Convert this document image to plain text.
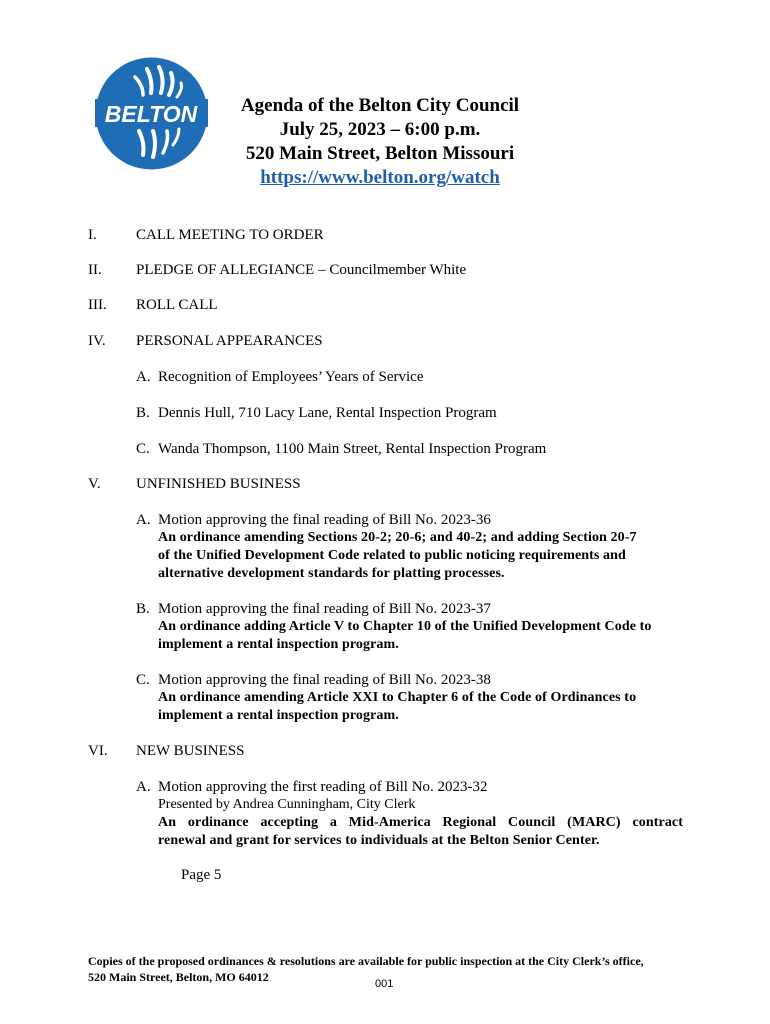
BELTON	Agenda of the Belton City Council
July 25, 2023 – 6:00 p.m.
520 Main Street, Belton Missouri
https://www.belton.org/watch
I.	CALL MEETING TO ORDER
II.	PLEDGE OF ALLEGIANCE – Councilmember White
III.	ROLL CALL
IV.	PERSONAL APPEARANCES
A. Recognition of Employees’ Years of Service
B. Dennis Hull, 710 Lacy Lane, Rental Inspection Program
C. Wanda Thompson, 1100 Main Street, Rental Inspection Program
V.	UNFINISHED BUSINESS
A. Motion approving the final reading of Bill No. 2023-36
An ordinance amending Sections 20-2; 20-6; and 40-2; and adding Section 20-7
of the Unified Development Code related to public noticing requirements and
alternative development standards for platting processes.
B. Motion approving the final reading of Bill No. 2023-37
An ordinance adding Article V to Chapter 10 of the Unified Development Code to
implement a rental inspection program.
C. Motion approving the final reading of Bill No. 2023-38
An ordinance amending Article XXI to Chapter 6 of the Code of Ordinances to
implement a rental inspection program.
VI.	NEW BUSINESS
A. Motion approving the first reading of Bill No. 2023-32
Presented by Andrea Cunningham, City Clerk
An ordinance accepting a Mid-America Regional Council (MARC) contract
renewal and grant for services to individuals at the Belton Senior Center.
Page 5
Copies of the proposed ordinances & resolutions are available for public inspection at the City Clerk’s office,
520 Main Street, Belton, MO 64012	001
